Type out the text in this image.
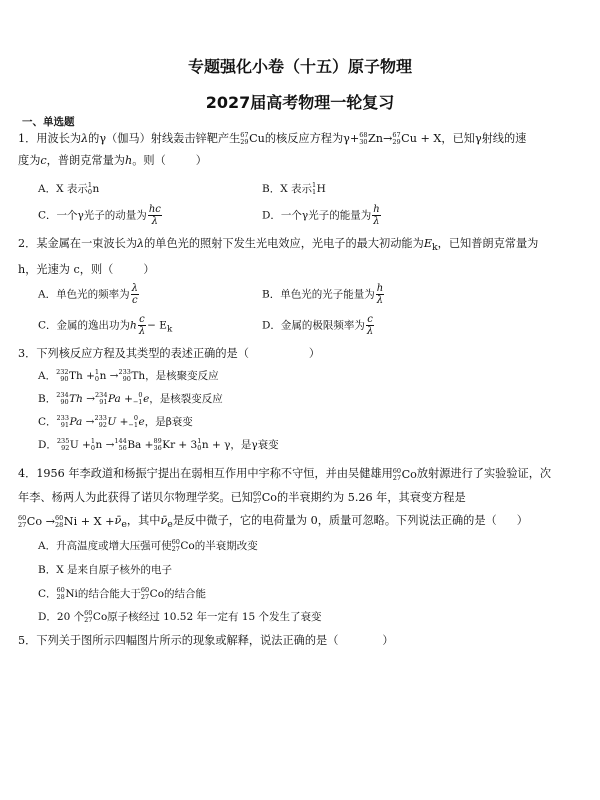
专题强化小卷（十五）原子物理
2027届高考物理一轮复习
一、单选题
1．用波长为λ的γ（伽马）射线轰击锌靶产生 67
29 Cu的核反应方程为γ+ 68
30 Zn→ 67
29 Cu + X，已知γ射线的速
度为c，普朗克常量为h。则（	）
A．X 表示 1
0 n	B．X 表示 1
1 H
C．一个γ光子的动量为 $\frac{hc}{\lambda}$	D．一个γ光子的能量为 $\frac{h}{\lambda}$
2．某金属在一束波长为λ的单色光的照射下发生光电效应，光电子的最大初动能为$E_k$，已知普朗克常量为
h，光速为 c，则（	）
A．单色光的频率为 $\frac{\lambda}{c}$	B．单色光的光子能量为 $\frac{h}{\lambda}$
C．金属的逸出功为h $\frac{c}{\lambda} - E_k$	D．金属的极限频率为 $\frac{c}{\lambda}$
3．下列核反应方程及其类型的表述正确的是（	）
A． 232
90 Th + 1
0 n → 233
90 Th，是核聚变反应
B． 234
90 Th → 234
91 Pa + 0
−1 e，是核裂变反应
C． 233
91 Pa → 233
92 U + 0
−1 e，是β衰变
D． 235
92 U + 1
0 n → 144
56 Ba + 89
36 Kr + 3 1
0 n + γ，是γ衰变
4．1956 年李政道和杨振宁提出在弱相互作用中宇称不守恒，并由吴健雄用 60
27 Co放射源进行了实验验证，次
年李、杨两人为此获得了诺贝尔物理学奖。已知 60
27 Co的半衰期约为 5.26 年，其衰变方程是

60
27 Co → 60
28 $Ni + X +\nū_e$，其中$\nū_e$是反中微子，它的电荷量为 0，质量可忽略。下列说法正确的是（ ）
A．升高温度或增大压强可使 60
27 Co的半衰期改变
B．X 是来自原子核外的电子
C． 60
28 Ni的结合能大于 60
27 Co的结合能
D．20 个 60
27 Co原子核经过 10.52 年一定有 15 个发生了衰变
5．下列关于图所示四幅图片所示的现象或解释，说法正确的是（	）
